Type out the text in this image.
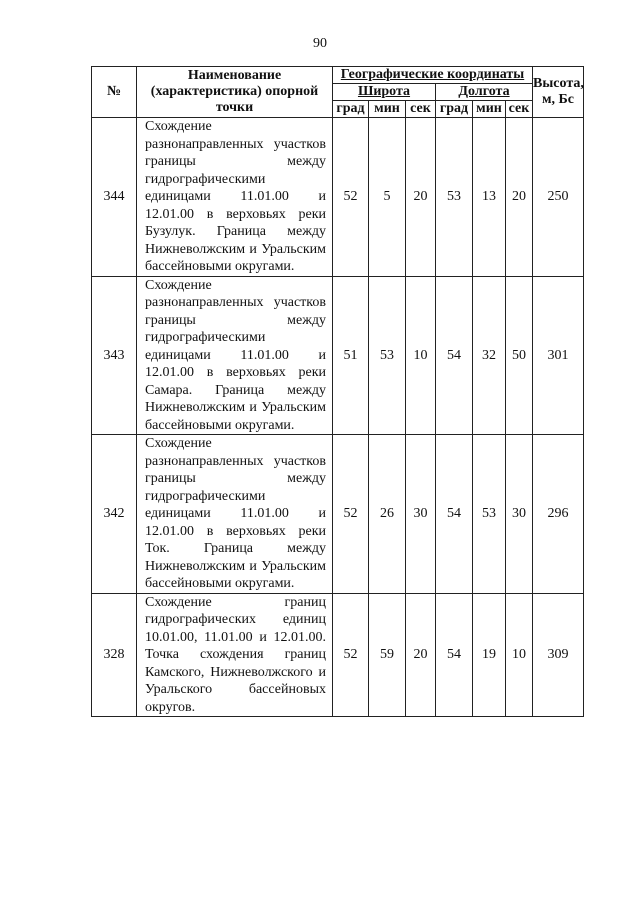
90
№	Наименование (характеристика) опорной точки	Географические координаты						Высота, м, Бс
		Широта			Долгота			
		град	мин	сек	град	мин	сек	
344	Схождение разнонаправленных участков границы между гидрографическими единицами 11.01.00 и 12.01.00 в верховьях реки Бузулук. Граница между Нижневолжским и Уральским бассейновыми округами.	52	5	20	53	13	20	250
343	Схождение разнонаправленных участков границы между гидрографическими единицами 11.01.00 и 12.01.00 в верховьях реки Самара. Граница между Нижневолжским и Уральским бассейновыми округами.	51	53	10	54	32	50	301
342	Схождение разнонаправленных участков границы между гидрографическими единицами 11.01.00 и 12.01.00 в верховьях реки Ток. Граница между Нижневолжским и Уральским бассейновыми округами.	52	26	30	54	53	30	296
328	Схождение границ гидрографических единиц 10.01.00, 11.01.00 и 12.01.00. Точка схождения границ Камского, Нижневолжского и Уральского бассейновых округов.	52	59	20	54	19	10	309
